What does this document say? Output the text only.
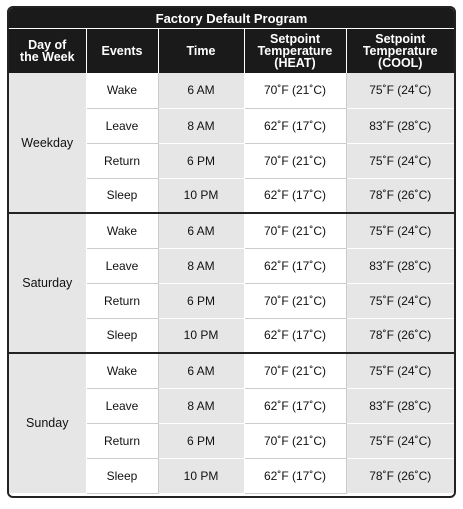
Factory Default Program
Day of
the Week	Events	Time	Setpoint
Temperature
(HEAT)	Setpoint
Temperature
(COOL)
Weekday	Wake	6 AM	70˚F (21˚C)	75˚F (24˚C)
	Leave	8 AM	62˚F (17˚C)	83˚F (28˚C)
	Return	6 PM	70˚F (21˚C)	75˚F (24˚C)
	Sleep	10 PM	62˚F (17˚C)	78˚F (26˚C)
Saturday	Wake	6 AM	70˚F (21˚C)	75˚F (24˚C)
	Leave	8 AM	62˚F (17˚C)	83˚F (28˚C)
	Return	6 PM	70˚F (21˚C)	75˚F (24˚C)
	Sleep	10 PM	62˚F (17˚C)	78˚F (26˚C)
Sunday	Wake	6 AM	70˚F (21˚C)	75˚F (24˚C)
	Leave	8 AM	62˚F (17˚C)	83˚F (28˚C)
	Return	6 PM	70˚F (21˚C)	75˚F (24˚C)
	Sleep	10 PM	62˚F (17˚C)	78˚F (26˚C)
